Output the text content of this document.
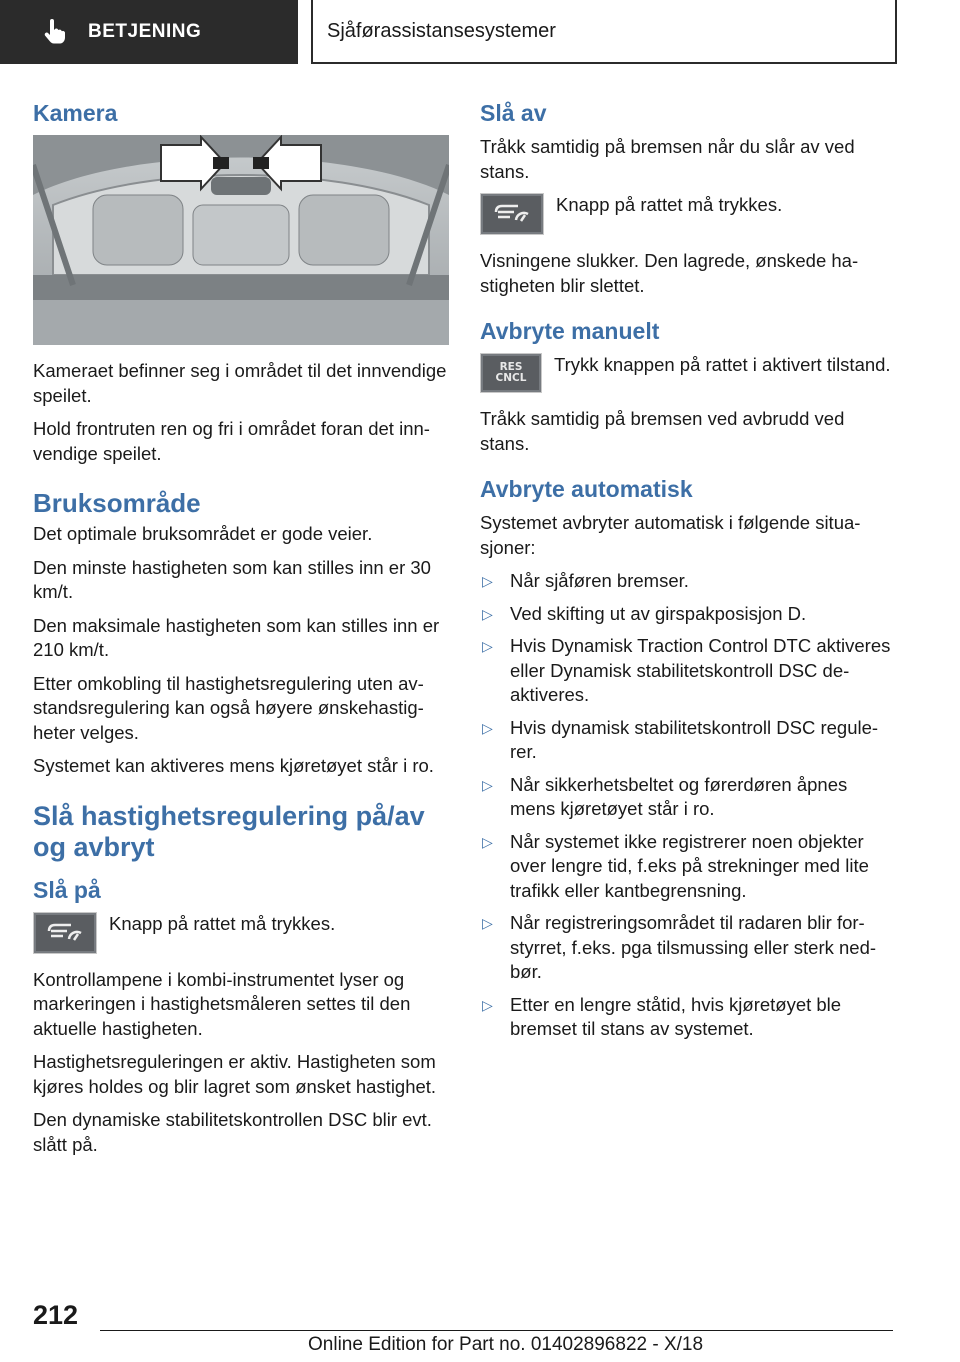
BETJENING	Sjåførassistansesystemer
Kamera

Kameraet befinner seg i området til det innvendige speilet.

Hold frontruten ren og fri i området foran det innvendige speilet.

Bruksområde

Det optimale bruksområdet er gode veier.

Den minste hastigheten som kan stilles inn er 30 km/t.

Den maksimale hastigheten som kan stilles inn er 210 km/t.

Etter omkobling til hastighetsregulering uten avstandsregulering kan også høyere ønskehastigheter velges.

Systemet kan aktiveres mens kjøretøyet står i ro.

Slå hastighetsregulering på/av og avbryt
Slå på
Knapp på rattet må trykkes.

Kontrollampene i kombi-instrumentet lyser og markeringen i hastighetsmåleren settes til den aktuelle hastigheten.

Hastighetsreguleringen er aktiv. Hastigheten som kjøres holdes og blir lagret som ønsket hastighet.

Den dynamiske stabilitetskontrollen DSC blir evt. slått på.

Slå av

Tråkk samtidig på bremsen når du slår av ved stans.

Knapp på rattet må trykkes.

Visningene slukker. Den lagrede, ønskede hastigheten blir slettet.

Avbryte manuelt
RES CNCL
Trykk knappen på rattet i aktivert tilstand.

Tråkk samtidig på bremsen ved avbrudd ved stans.

Avbryte automatisk

Systemet avbryter automatisk i følgende situasjoner:

▷ Når sjåføren bremser.
▷ Ved skifting ut av girspakposisjon D.
▷ Hvis Dynamisk Traction Control DTC aktiveres eller Dynamisk stabilitetskontroll DSC deaktiveres.
▷ Hvis dynamisk stabilitetskontroll DSC regulerer.
▷ Når sikkerhetsbeltet og førerdøren åpnes mens kjøretøyet står i ro.
▷ Når systemet ikke registrerer noen objekter over lengre tid, f.eks på strekninger med lite trafikk eller kantbegrensning.
▷ Når registreringsområdet til radaren blir forstyrret, f.eks. pga tilsmussing eller sterk nedbør.
▷ Etter en lengre ståtid, hvis kjøretøyet ble bremset til stans av systemet.
212
Online Edition for Part no. 01402896822 - X/18
